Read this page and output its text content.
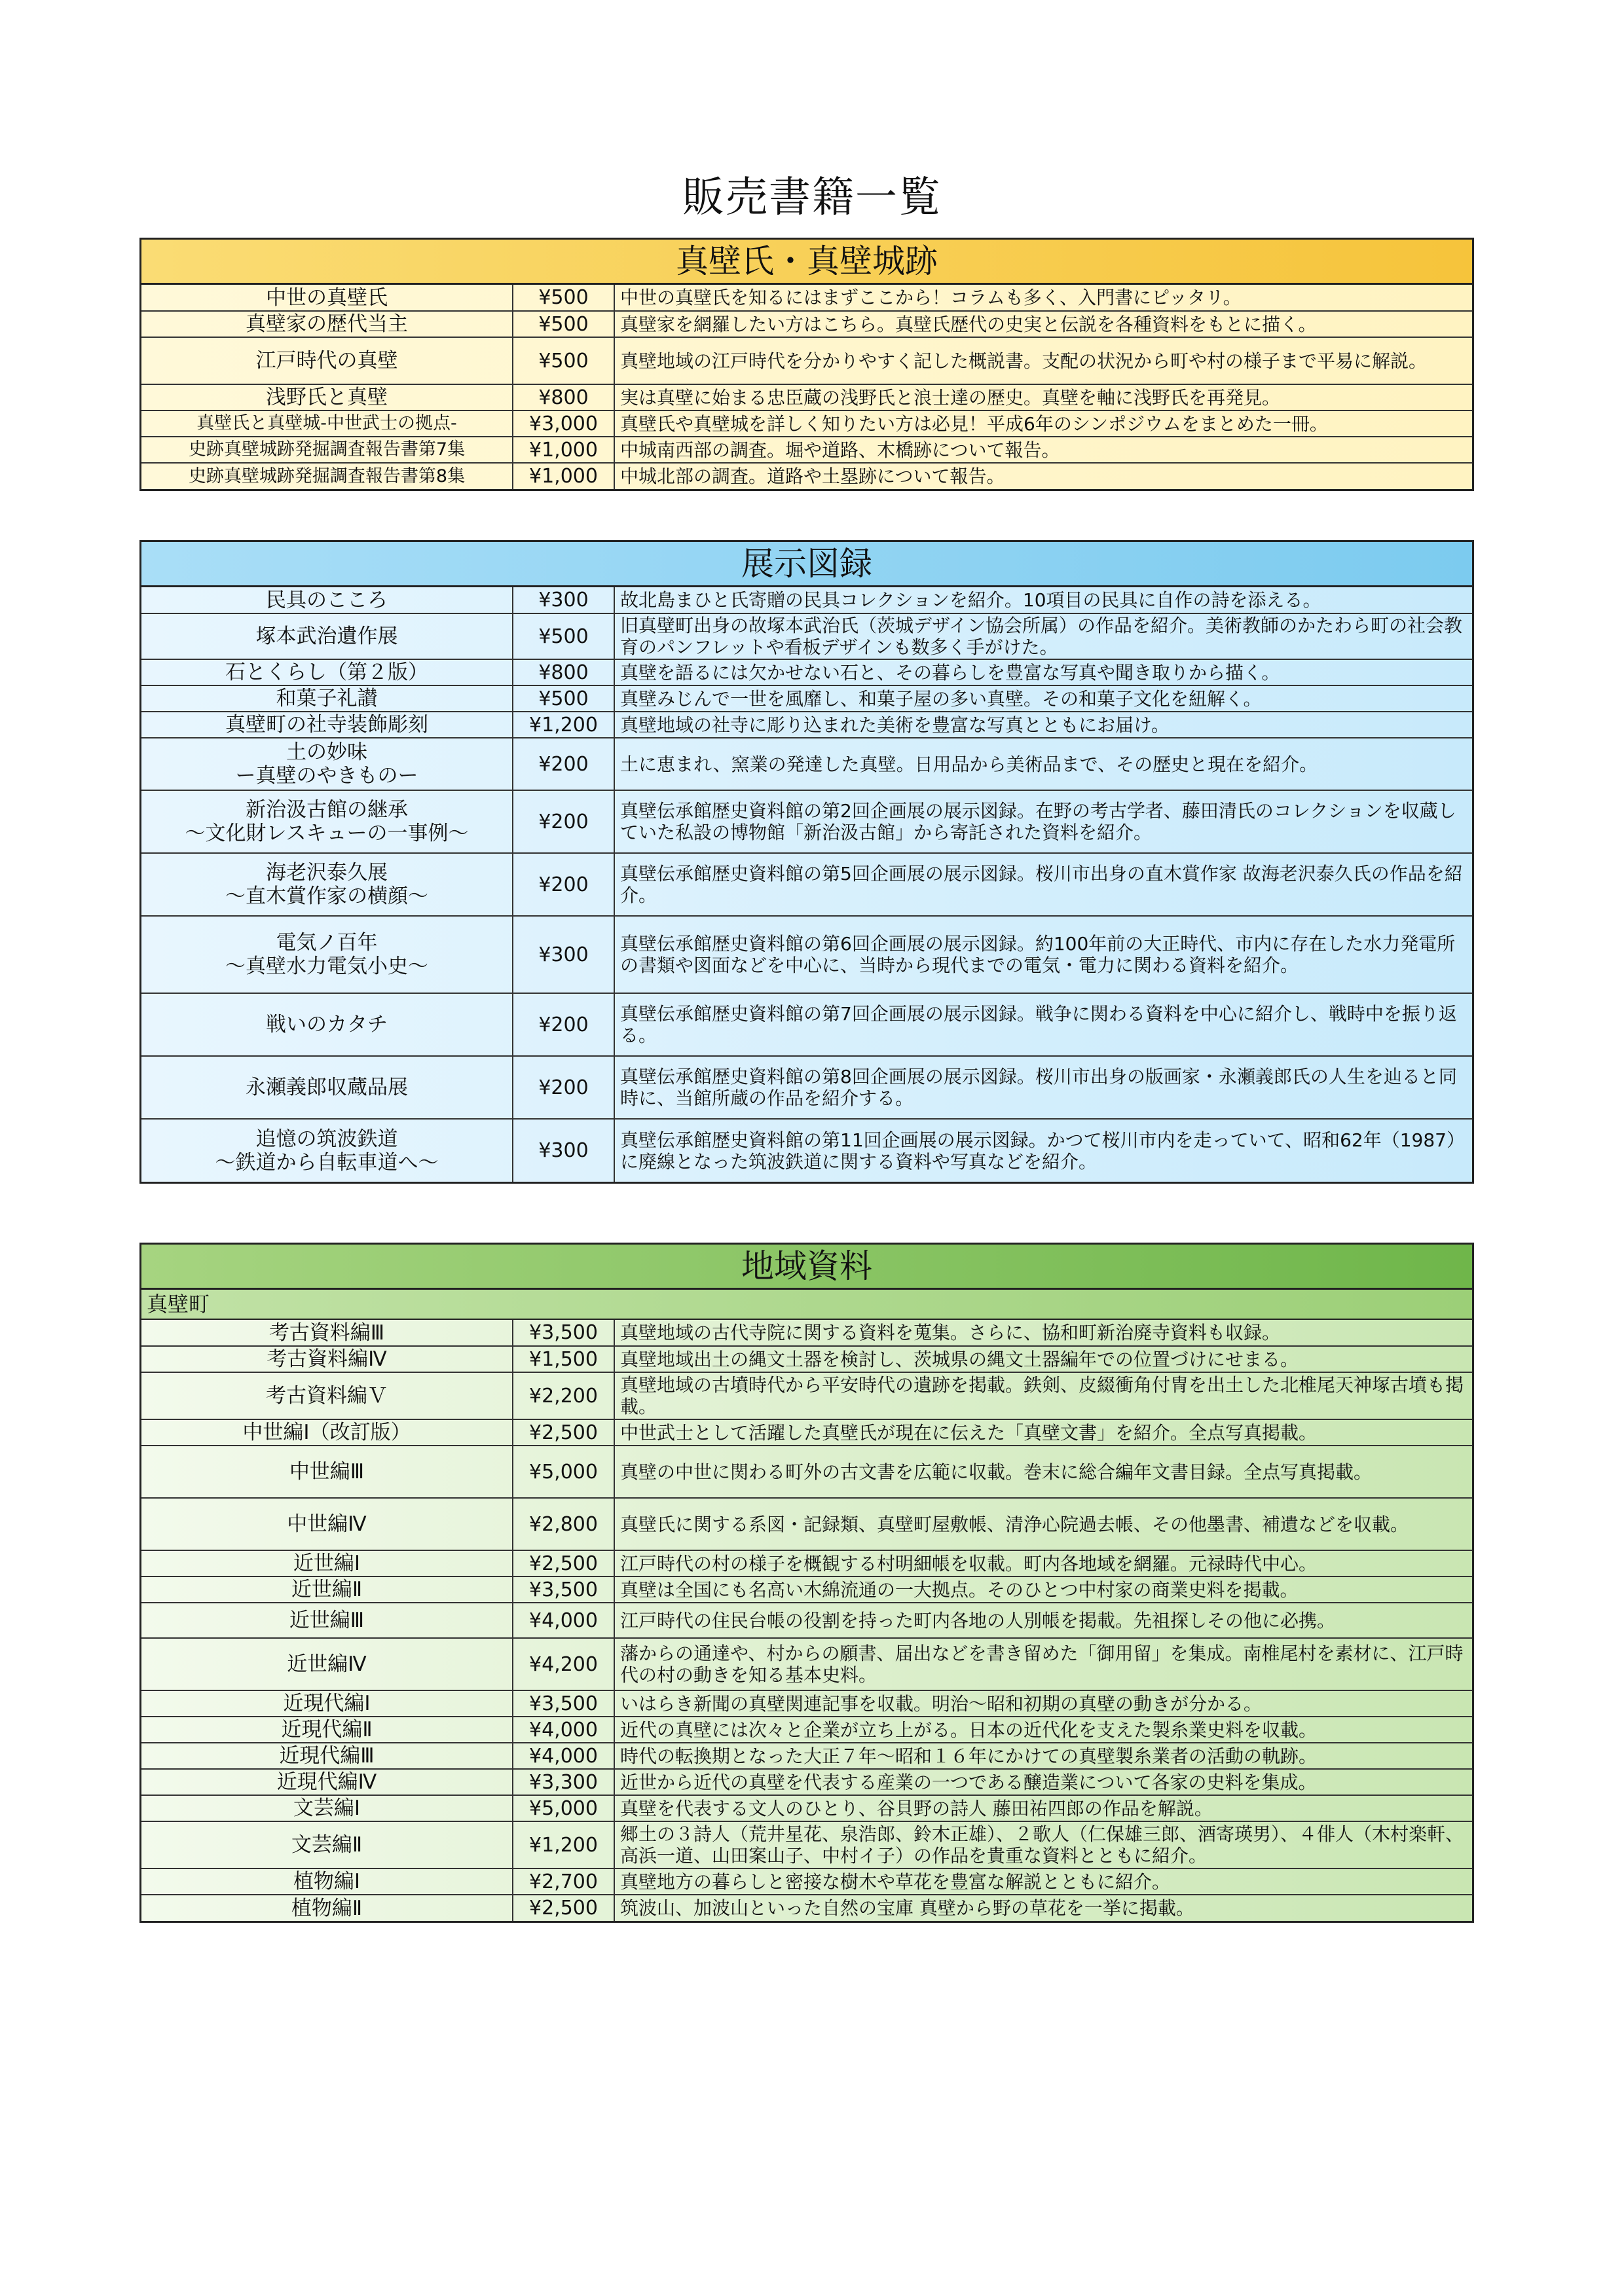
販売書籍一覧
真壁氏・真壁城跡
中世の真壁氏	¥500	中世の真壁氏を知るにはまずここから！コラムも多く、入門書にピッタリ。

真壁家の歴代当主	¥500	真壁家を網羅したい方はこちら。真壁氏歴代の史実と伝説を各種資料をもとに描く。

江戸時代の真壁	¥500	真壁地域の江戸時代を分かりやすく記した概説書。支配の状況から町や村の様子まで平易に解説。

浅野氏と真壁	¥800	実は真壁に始まる忠臣蔵の浅野氏と浪士達の歴史。真壁を軸に浅野氏を再発見。

真壁氏と真壁城-中世武士の拠点-	¥3,000	真壁氏や真壁城を詳しく知りたい方は必見！平成6年のシンポジウムをまとめた一冊。

史跡真壁城跡発掘調査報告書第7集	¥1,000	中城南西部の調査。堀や道路、木橋跡について報告。

史跡真壁城跡発掘調査報告書第8集	¥1,000	中城北部の調査。道路や土塁跡について報告。
展示図録
民具のこころ	¥300	故北島まひと氏寄贈の民具コレクションを紹介。10項目の民具に自作の詩を添える。

塚本武治遺作展	¥500	旧真壁町出身の故塚本武治氏（茨城デザイン協会所属）の作品を紹介。美術教師のかたわら町の社会教育のパンフレットや看板デザインも数多く手がけた。

石とくらし（第２版）	¥800	真壁を語るには欠かせない石と、その暮らしを豊富な写真や聞き取りから描く。

和菓子礼讃	¥500	真壁みじんで一世を風靡し、和菓子屋の多い真壁。その和菓子文化を紐解く。

真壁町の社寺装飾彫刻	¥1,200	真壁地域の社寺に彫り込まれた美術を豊富な写真とともにお届け。

土の妙味
ー真壁のやきものー	¥200	土に恵まれ、窯業の発達した真壁。日用品から美術品まで、その歴史と現在を紹介。

新治汲古館の継承
～文化財レスキューの一事例～	¥200	真壁伝承館歴史資料館の第2回企画展の展示図録。在野の考古学者、藤田清氏のコレクションを収蔵していた私設の博物館「新治汲古館」から寄託された資料を紹介。

海老沢泰久展
～直木賞作家の横顔～	¥200	真壁伝承館歴史資料館の第5回企画展の展示図録。桜川市出身の直木賞作家 故海老沢泰久氏の作品を紹介。

電気ノ百年
～真壁水力電気小史～	¥300	真壁伝承館歴史資料館の第6回企画展の展示図録。約100年前の大正時代、市内に存在した水力発電所の書類や図面などを中心に、当時から現代までの電気・電力に関わる資料を紹介。

戦いのカタチ	¥200	真壁伝承館歴史資料館の第7回企画展の展示図録。戦争に関わる資料を中心に紹介し、戦時中を振り返る。

永瀬義郎収蔵品展	¥200	真壁伝承館歴史資料館の第8回企画展の展示図録。桜川市出身の版画家・永瀬義郎氏の人生を辿ると同時に、当館所蔵の作品を紹介する。

追憶の筑波鉄道
～鉄道から自転車道へ～	¥300	真壁伝承館歴史資料館の第11回企画展の展示図録。かつて桜川市内を走っていて、昭和62年（1987）に廃線となった筑波鉄道に関する資料や写真などを紹介。
地域資料
真壁町
考古資料編Ⅲ	¥3,500	真壁地域の古代寺院に関する資料を蒐集。さらに、協和町新治廃寺資料も収録。

考古資料編Ⅳ	¥1,500	真壁地域出土の縄文土器を検討し、茨城県の縄文土器編年での位置づけにせまる。

考古資料編Ｖ	¥2,200	真壁地域の古墳時代から平安時代の遺跡を掲載。鉄剣、皮綴衝角付冑を出土した北椎尾天神塚古墳も掲載。

中世編Ⅰ（改訂版）	¥2,500	中世武士として活躍した真壁氏が現在に伝えた「真壁文書」を紹介。全点写真掲載。

中世編Ⅲ	¥5,000	真壁の中世に関わる町外の古文書を広範に収載。巻末に総合編年文書目録。全点写真掲載。

中世編Ⅳ	¥2,800	真壁氏に関する系図・記録類、真壁町屋敷帳、清浄心院過去帳、その他墨書、補遺などを収載。

近世編Ⅰ	¥2,500	江戸時代の村の様子を概観する村明細帳を収載。町内各地域を網羅。元禄時代中心。

近世編Ⅱ	¥3,500	真壁は全国にも名高い木綿流通の一大拠点。そのひとつ中村家の商業史料を掲載。

近世編Ⅲ	¥4,000	江戸時代の住民台帳の役割を持った町内各地の人別帳を掲載。先祖探しその他に必携。

近世編Ⅳ	¥4,200	藩からの通達や、村からの願書、届出などを書き留めた「御用留」を集成。南椎尾村を素材に、江戸時代の村の動きを知る基本史料。

近現代編Ⅰ	¥3,500	いはらき新聞の真壁関連記事を収載。明治～昭和初期の真壁の動きが分かる。

近現代編Ⅱ	¥4,000	近代の真壁には次々と企業が立ち上がる。日本の近代化を支えた製糸業史料を収載。

近現代編Ⅲ	¥4,000	時代の転換期となった大正７年～昭和１６年にかけての真壁製糸業者の活動の軌跡。

近現代編Ⅳ	¥3,300	近世から近代の真壁を代表する産業の一つである醸造業について各家の史料を集成。

文芸編Ⅰ	¥5,000	真壁を代表する文人のひとり、谷貝野の詩人 藤田祐四郎の作品を解説。

文芸編Ⅱ	¥1,200	郷土の３詩人（荒井星花、泉浩郎、鈴木正雄）、２歌人（仁保雄三郎、酒寄瑛男）、４俳人（木村楽軒、高浜一道、山田案山子、中村イ子）の作品を貴重な資料とともに紹介。

植物編Ⅰ	¥2,700	真壁地方の暮らしと密接な樹木や草花を豊富な解説とともに紹介。

植物編Ⅱ	¥2,500	筑波山、加波山といった自然の宝庫 真壁から野の草花を一挙に掲載。
